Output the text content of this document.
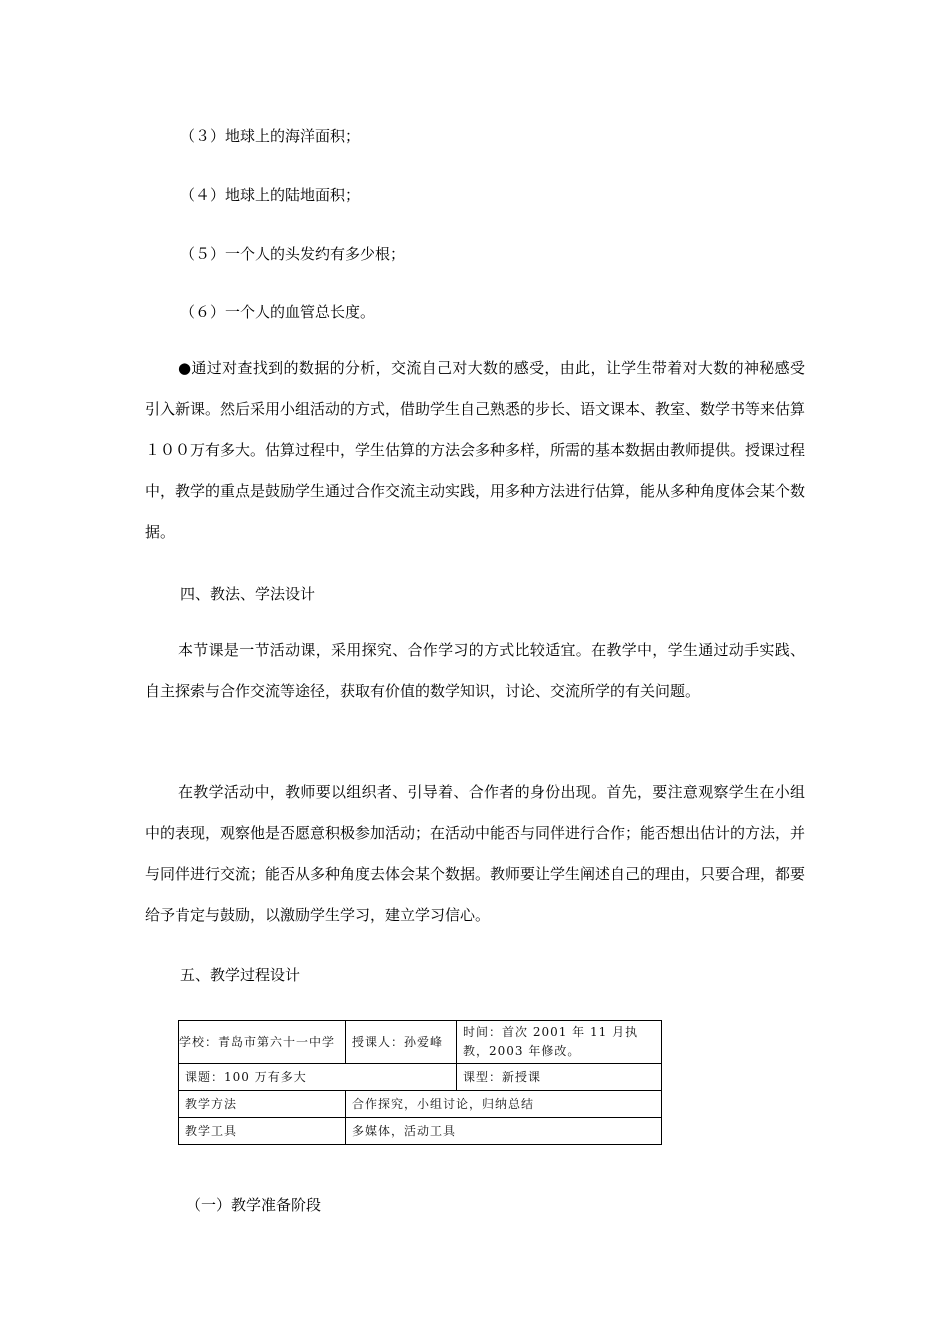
（３）地球上的海洋面积；
（４）地球上的陆地面积；
（５）一个人的头发约有多少根；
（６）一个人的血管总长度。

●通过对查找到的数据的分析，交流自己对大数的感受，由此，让学生带着对大数的神秘感受引入新课。然后采用小组活动的方式，借助学生自己熟悉的步长、语文课本、教室、数学书等来估算１００万有多大。估算过程中，学生估算的方法会多种多样，所需的基本数据由教师提供。授课过程中，教学的重点是鼓励学生通过合作交流主动实践，用多种方法进行估算，能从多种角度体会某个数据。

四、教法、学法设计

本节课是一节活动课，采用探究、合作学习的方式比较适宜。在教学中，学生通过动手实践、自主探索与合作交流等途径，获取有价值的数学知识，讨论、交流所学的有关问题。

在教学活动中，教师要以组织者、引导着、合作者的身份出现。首先，要注意观察学生在小组中的表现，观察他是否愿意积极参加活动；在活动中能否与同伴进行合作；能否想出估计的方法，并与同伴进行交流；能否从多种角度去体会某个数据。教师要让学生阐述自己的理由，只要合理，都要给予肯定与鼓励，以激励学生学习，建立学习信心。

五、教学过程设计
学校：青岛市第六十一中学	授课人：孙爱峰	时间：首次 2001 年 11 月执教，2003 年修改。
课题：100 万有多大		课型：新授课
教学方法	合作探究，小组讨论，归纳总结	
教学工具	多媒体，活动工具	
（一）教学准备阶段
